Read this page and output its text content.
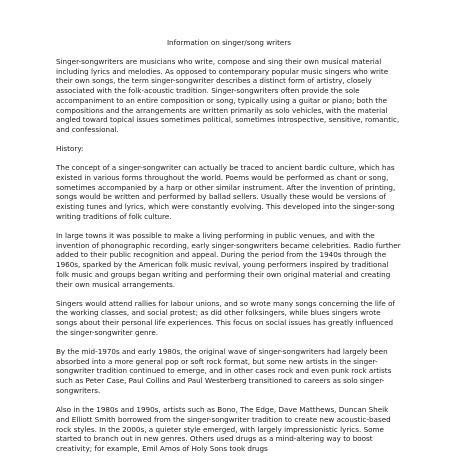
Information on singer/song writers

Singer-songwriters are musicians who write, compose and sing their own musical material including lyrics and melodies. As opposed to contemporary popular music singers who write their own songs, the term singer-songwriter describes a distinct form of artistry, closely associated with the folk-acoustic tradition. Singer-songwriters often provide the sole accompaniment to an entire composition or song, typically using a guitar or piano; both the compositions and the arrangements are written primarily as solo vehicles, with the material angled toward topical issues sometimes political, sometimes introspective, sensitive, romantic, and confessional.

History:

The concept of a singer-songwriter can actually be traced to ancient bardic culture, which has existed in various forms throughout the world. Poems would be performed as chant or song, sometimes accompanied by a harp or other similar instrument. After the invention of printing, songs would be written and performed by ballad sellers. Usually these would be versions of existing tunes and lyrics, which were constantly evolving. This developed into the singer-song writing traditions of folk culture.

In large towns it was possible to make a living performing in public venues, and with the invention of phonographic recording, early singer-songwriters became celebrities. Radio further added to their public recognition and appeal. During the period from the 1940s through the 1960s, sparked by the American folk music revival, young performers inspired by traditional folk music and groups began writing and performing their own original material and creating their own musical arrangements.

Singers would attend rallies for labour unions, and so wrote many songs concerning the life of the working classes, and social protest; as did other folksingers, while blues singers wrote songs about their personal life experiences. This focus on social issues has greatly influenced the singer-songwriter genre.

By the mid-1970s and early 1980s, the original wave of singer-songwriters had largely been absorbed into a more general pop or soft rock format, but some new artists in the singer-songwriter tradition continued to emerge, and in other cases rock and even punk rock artists such as Peter Case, Paul Collins and Paul Westerberg transitioned to careers as solo singer-songwriters.

Also in the 1980s and 1990s, artists such as Bono, The Edge, Dave Matthews, Duncan Sheik and Elliott Smith borrowed from the singer-songwriter tradition to create new acoustic-based rock styles. In the 2000s, a quieter style emerged, with largely impressionistic lyrics. Some started to branch out in new genres. Others used drugs as a mind-altering way to boost creativity; for example, Emil Amos of Holy Sons took drugs
